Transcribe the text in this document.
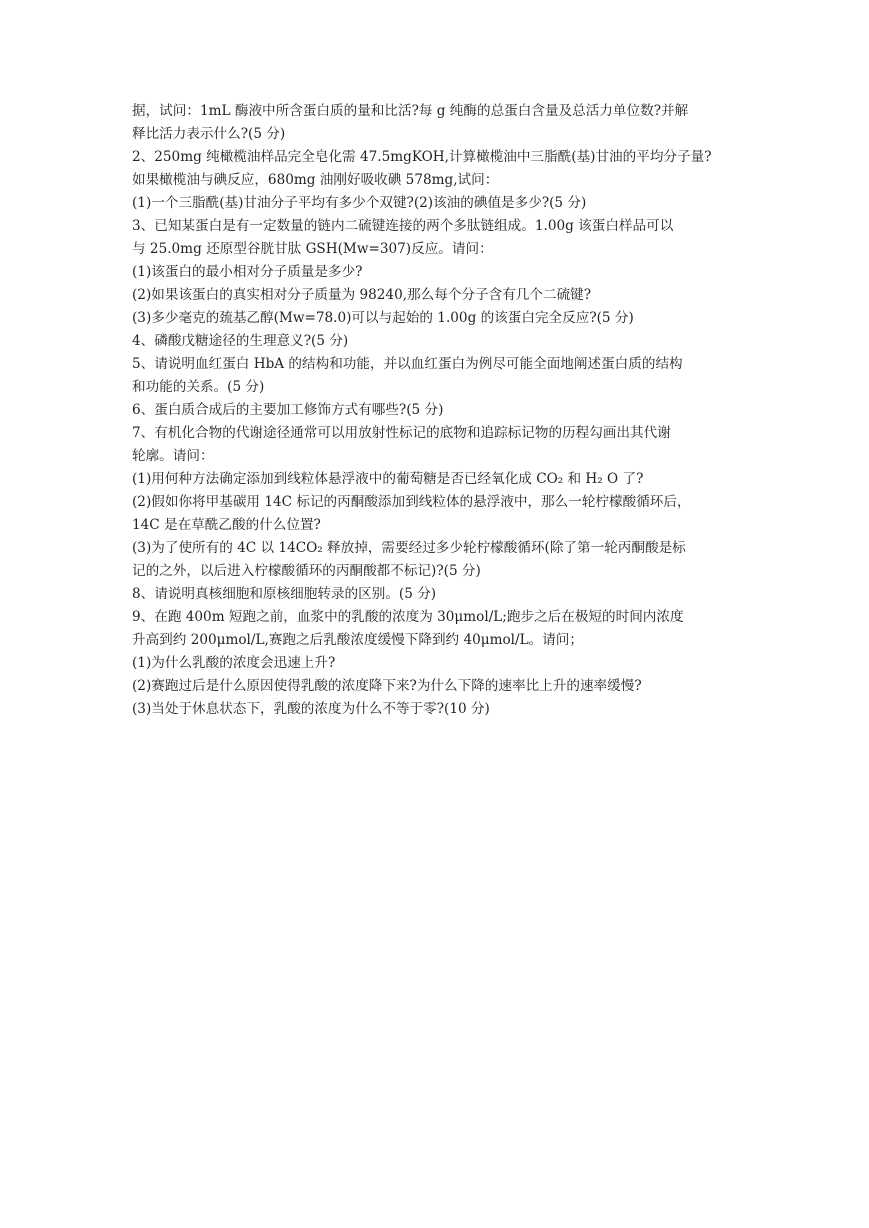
据，试问：1mL 酶液中所含蛋白质的量和比活?每 g 纯酶的总蛋白含量及总活力单位数?并解
释比活力表示什么?(5 分)
2、250mg 纯橄榄油样品完全皂化需 47.5mgKOH,计算橄榄油中三脂酰(基)甘油的平均分子量?
如果橄榄油与碘反应，680mg 油刚好吸收碘 578mg,试问：
(1)一个三脂酰(基)甘油分子平均有多少个双键?(2)该油的碘值是多少?(5 分)
3、已知某蛋白是有一定数量的链内二硫键连接的两个多肽链组成。1.00g 该蛋白样品可以
与 25.0mg 还原型谷胱甘肽 GSH(Mw=307)反应。请问：
(1)该蛋白的最小相对分子质量是多少?
(2)如果该蛋白的真实相对分子质量为 98240,那么每个分子含有几个二硫键?
(3)多少毫克的巯基乙醇(Mw=78.0)可以与起始的 1.00g 的该蛋白完全反应?(5 分)
4、磷酸戊糖途径的生理意义?(5 分)
5、请说明血红蛋白 HbA 的结构和功能，并以血红蛋白为例尽可能全面地阐述蛋白质的结构
和功能的关系。(5 分)
6、蛋白质合成后的主要加工修饰方式有哪些?(5 分)
7、有机化合物的代谢途径通常可以用放射性标记的底物和追踪标记物的历程勾画出其代谢
轮廓。请问：
(1)用何种方法确定添加到线粒体悬浮液中的葡萄糖是否已经氧化成 CO₂ 和 H₂ O 了?
(2)假如你将甲基碳用 14C 标记的丙酮酸添加到线粒体的悬浮液中，那么一轮柠檬酸循环后，
14C 是在草酰乙酸的什么位置?
(3)为了使所有的 4C 以 14CO₂ 释放掉，需要经过多少轮柠檬酸循环(除了第一轮丙酮酸是标
记的之外，以后进入柠檬酸循环的丙酮酸都不标记)?(5 分)
8、请说明真核细胞和原核细胞转录的区别。(5 分)
9、在跑 400m 短跑之前，血浆中的乳酸的浓度为 30μmol/L;跑步之后在极短的时间内浓度
升高到约 200μmol/L,赛跑之后乳酸浓度缓慢下降到约 40μmol/L。请问；
(1)为什么乳酸的浓度会迅速上升?
(2)赛跑过后是什么原因使得乳酸的浓度降下来?为什么下降的速率比上升的速率缓慢?
(3)当处于休息状态下，乳酸的浓度为什么不等于零?(10 分)
